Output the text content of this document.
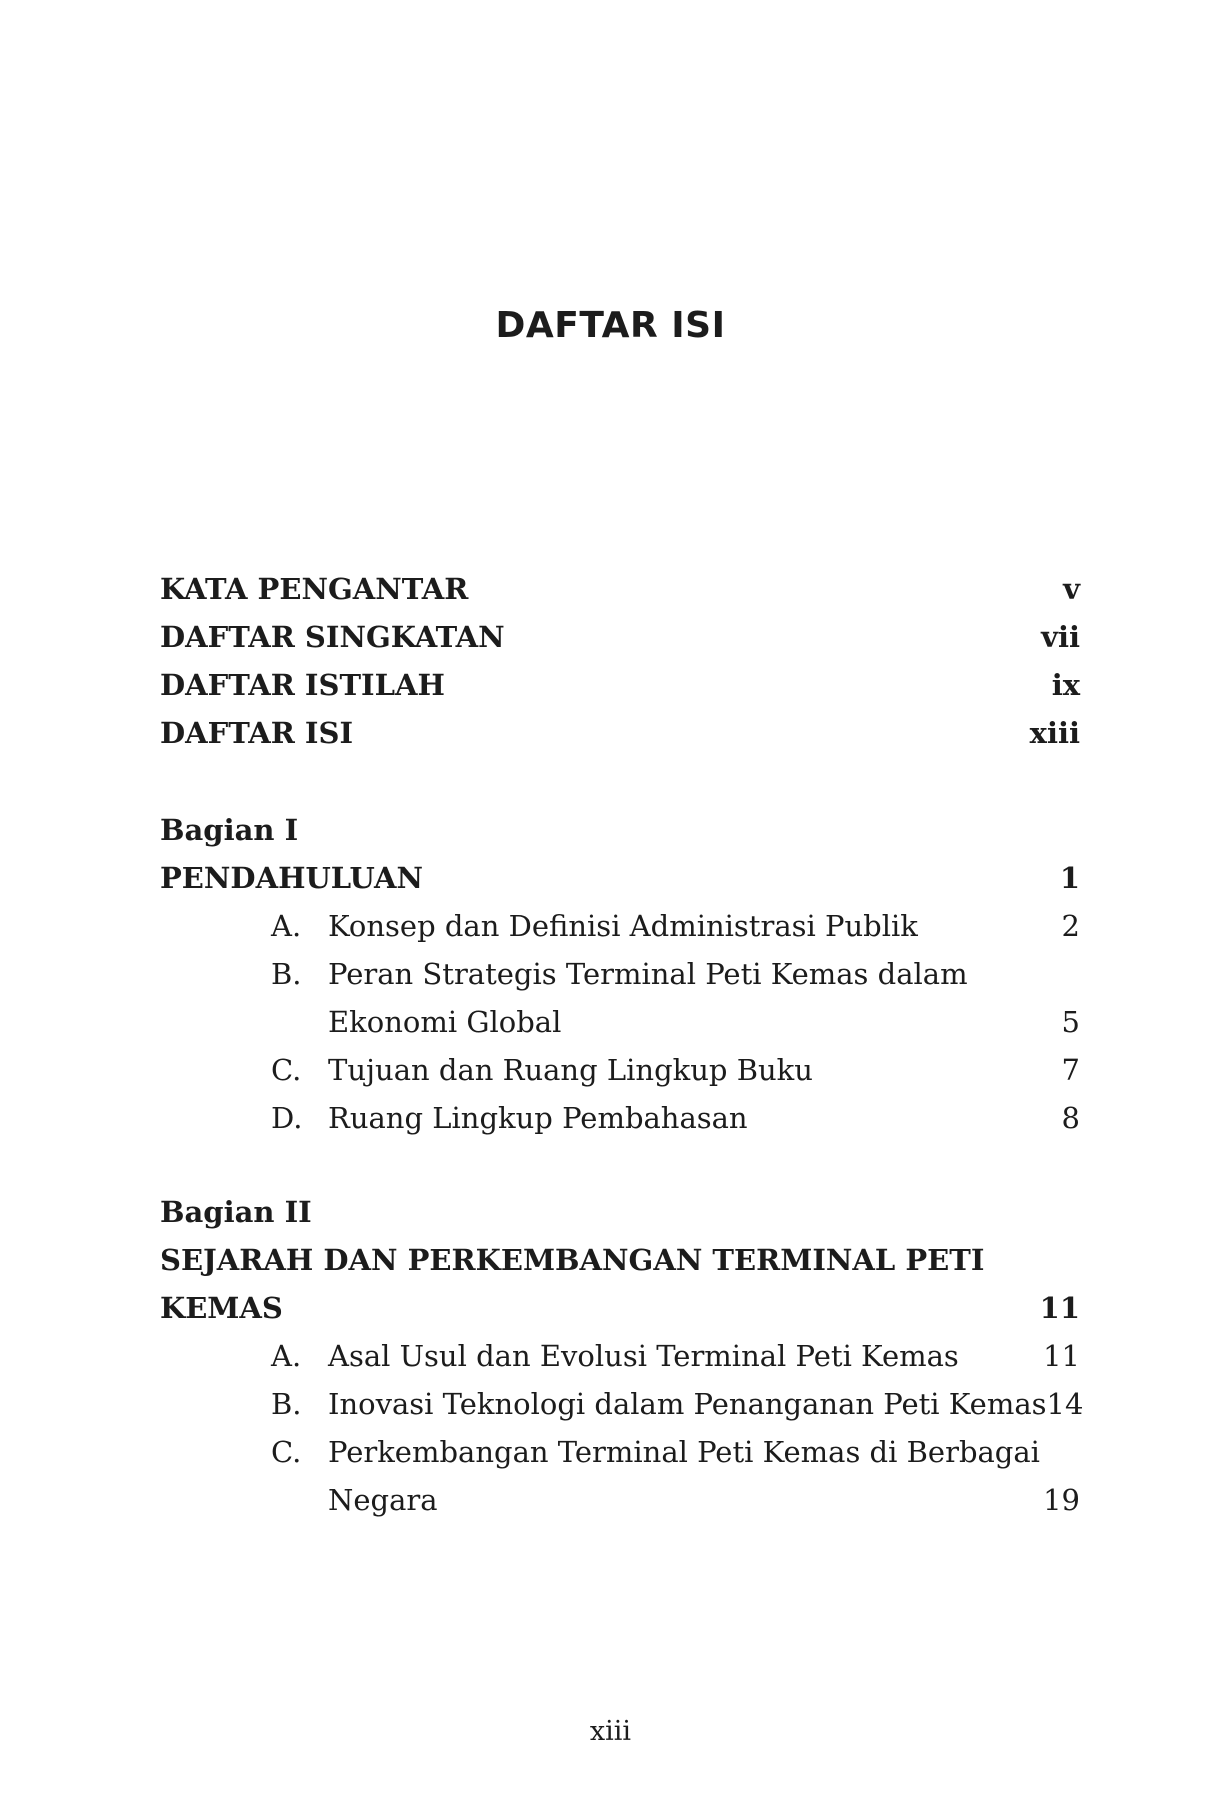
DAFTAR ISI
KATA PENGANTAR	v
DAFTAR SINGKATAN	vii
DAFTAR ISTILAH	ix
DAFTAR ISI	xiii
Bagian I
PENDAHULUAN	1
A. Konsep dan Definisi Administrasi Publik	2
B. Peran Strategis Terminal Peti Kemas dalam
Ekonomi Global	5
C. Tujuan dan Ruang Lingkup Buku	7
D. Ruang Lingkup Pembahasan	8
Bagian II
SEJARAH DAN PERKEMBANGAN TERMINAL PETI
KEMAS	11
A. Asal Usul dan Evolusi Terminal Peti Kemas	11
B. Inovasi Teknologi dalam Penanganan Peti Kemas 14
C. Perkembangan Terminal Peti Kemas di Berbagai
Negara	19
xiii
